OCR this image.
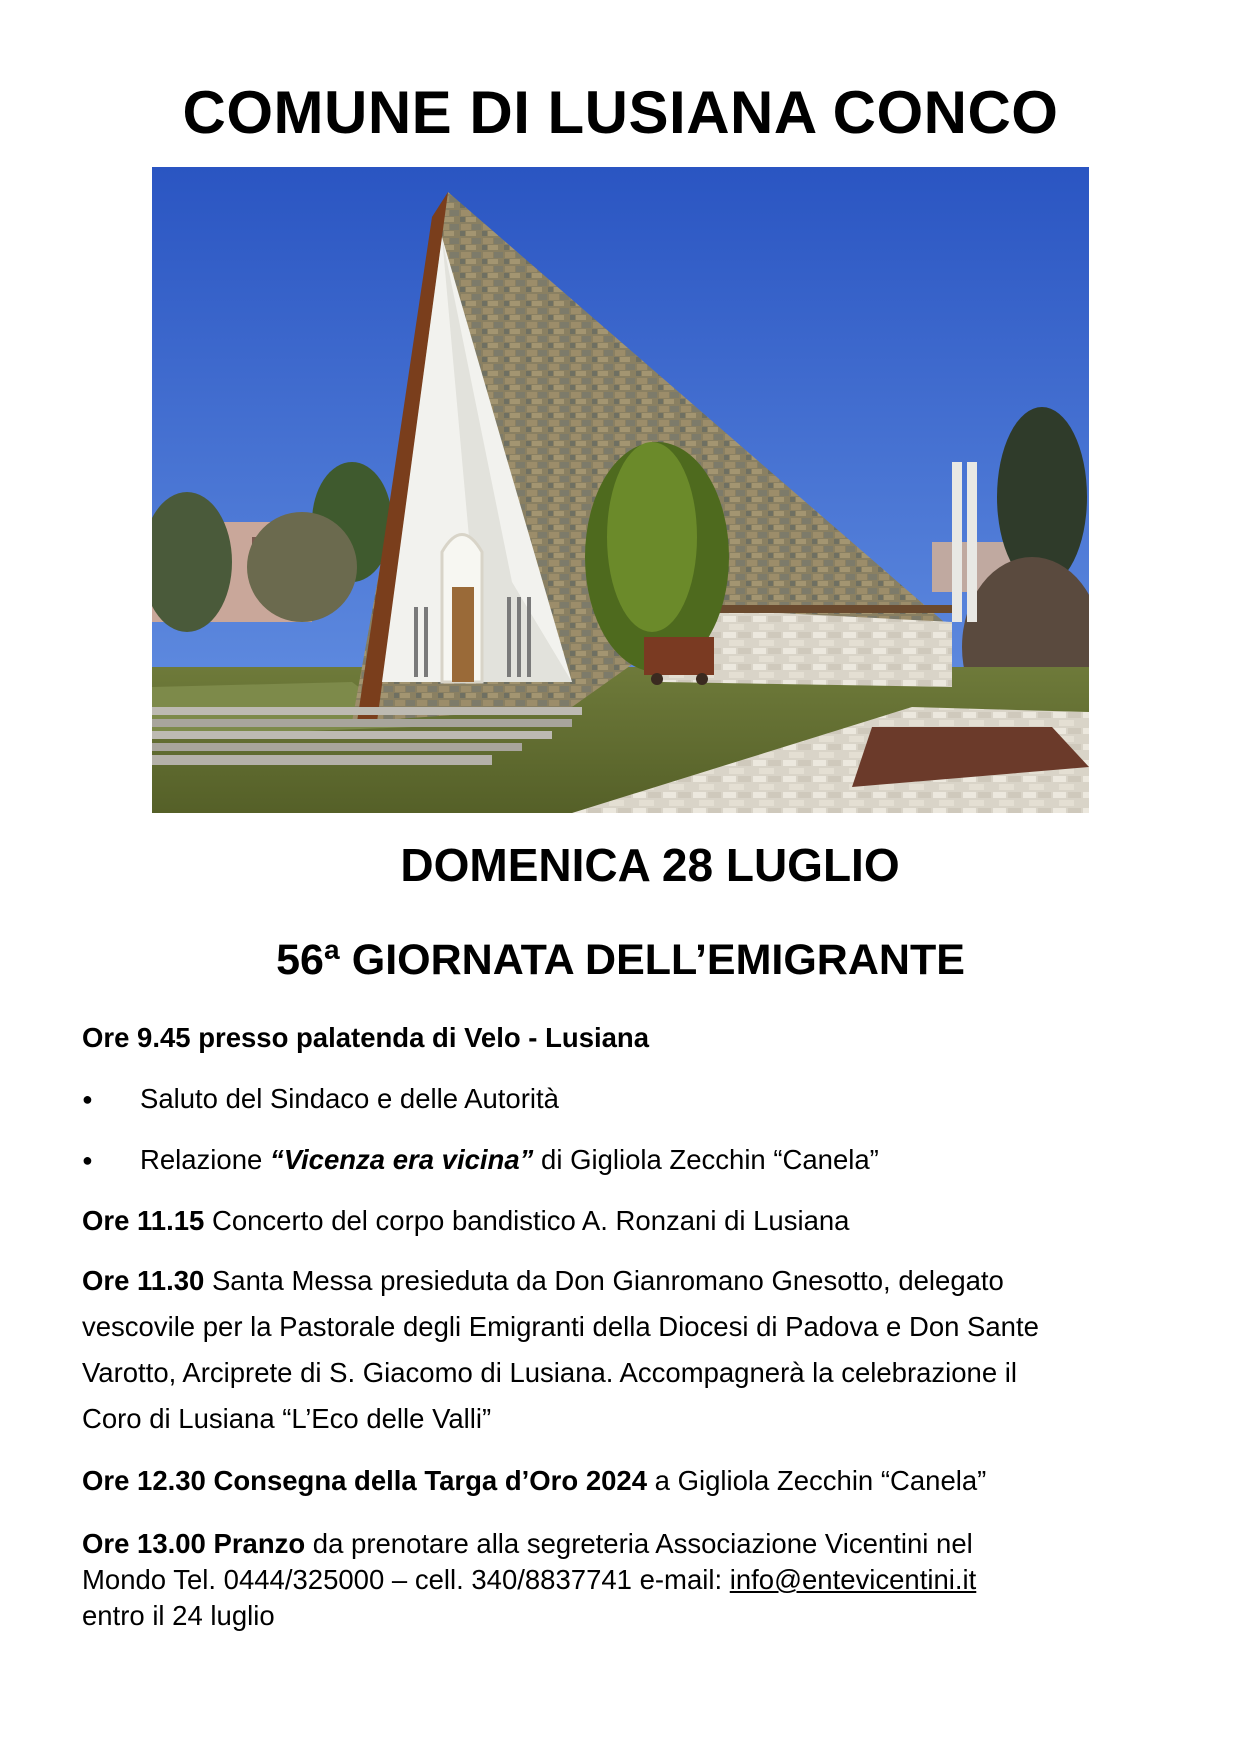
COMUNE DI LUSIANA CONCO
DOMENICA 28 LUGLIO
56ª GIORNATA DELL’EMIGRANTE
Ore 9.45 presso palatenda di Velo - Lusiana
● Saluto del Sindaco e delle Autorità
● Relazione “Vicenza era vicina” di Gigliola Zecchin “Canela”
Ore 11.15 Concerto del corpo bandistico A. Ronzani di Lusiana
Ore 11.30 Santa Messa presieduta da Don Gianromano Gnesotto, delegato
vescovile per la Pastorale degli Emigranti della Diocesi di Padova e Don Sante
Varotto, Arciprete di S. Giacomo di Lusiana. Accompagnerà la celebrazione il
Coro di Lusiana “L’Eco delle Valli”
Ore 12.30 Consegna della Targa d’Oro 2024 a Gigliola Zecchin “Canela”
Ore 13.00 Pranzo da prenotare alla segreteria Associazione Vicentini nel
Mondo Tel. 0444/325000 – cell. 340/8837741 e-mail: info@entevicentini.it
entro il 24 luglio
